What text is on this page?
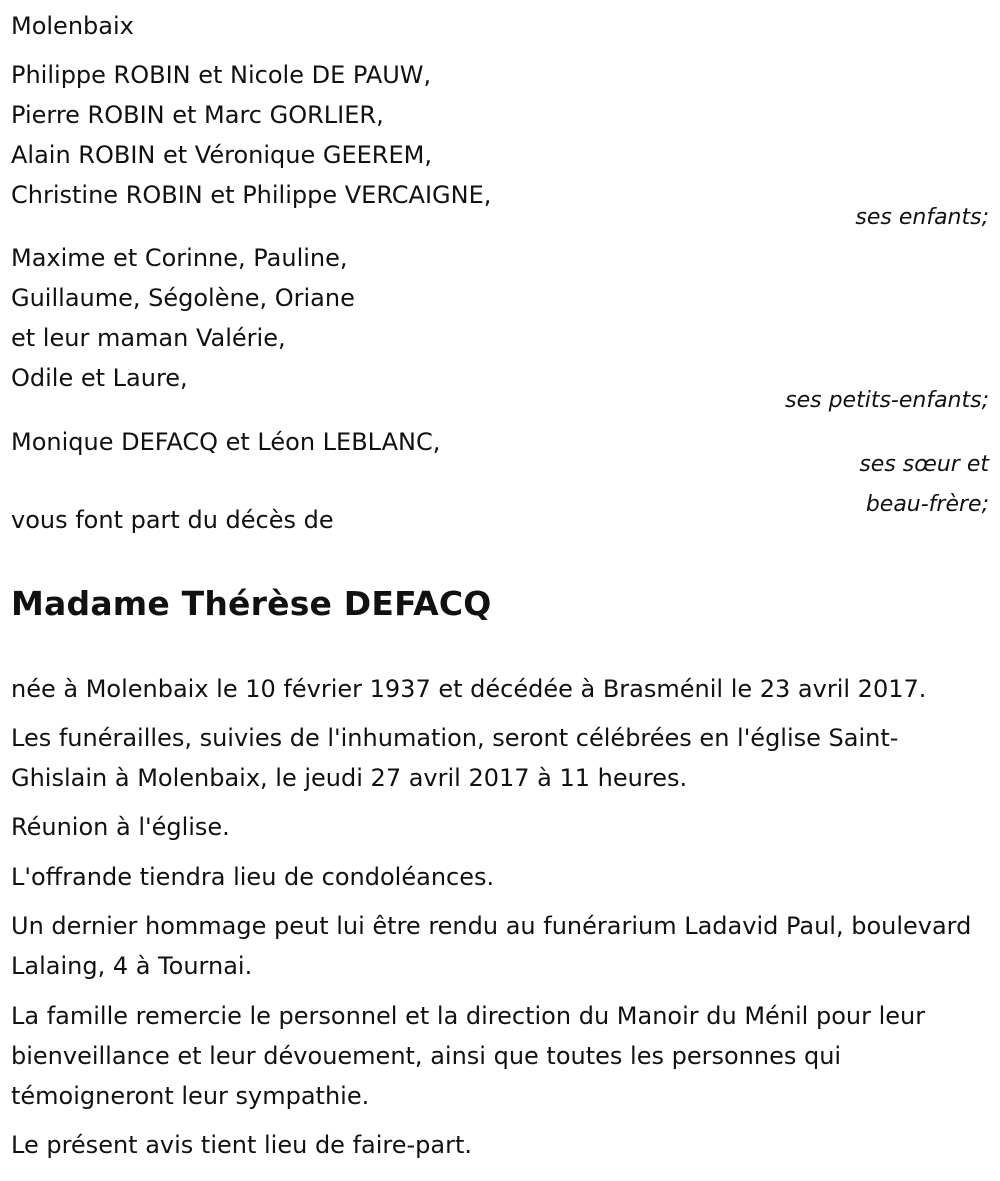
Molenbaix
Philippe ROBIN et Nicole DE PAUW,
Pierre ROBIN et Marc GORLIER,
Alain ROBIN et Véronique GEEREM,
Christine ROBIN et Philippe VERCAIGNE,
ses enfants;
Maxime et Corinne, Pauline,
Guillaume, Ségolène, Oriane
et leur maman Valérie,
Odile et Laure,
ses petits-enfants;
Monique DEFACQ et Léon LEBLANC,
ses sœur et
beau-frère;
vous font part du décès de
Madame Thérèse DEFACQ
née à Molenbaix le 10 février 1937 et décédée à Brasménil le 23 avril 2017.
Les funérailles, suivies de l'inhumation, seront célébrées en l'église Saint-Ghislain à Molenbaix, le jeudi 27 avril 2017 à 11 heures.
Réunion à l'église.
L'offrande tiendra lieu de condoléances.
Un dernier hommage peut lui être rendu au funérarium Ladavid Paul, boulevard Lalaing, 4 à Tournai.
La famille remercie le personnel et la direction du Manoir du Ménil pour leur bienveillance et leur dévouement, ainsi que toutes les personnes qui témoigneront leur sympathie.
Le présent avis tient lieu de faire-part.
